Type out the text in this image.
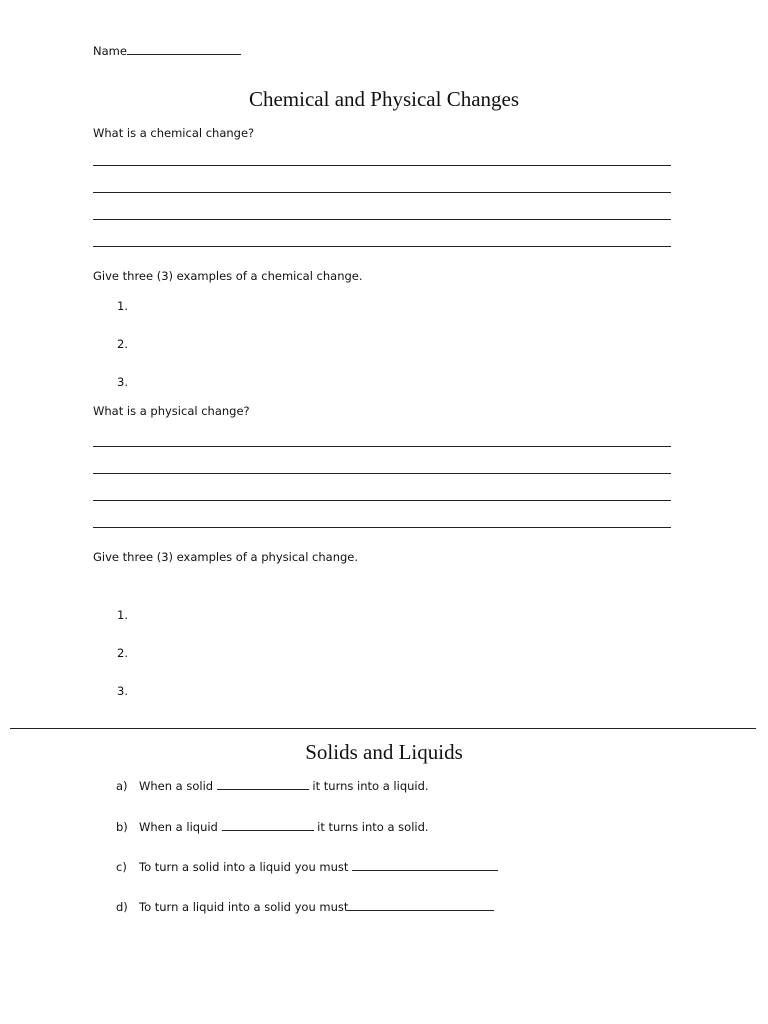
Name
Chemical and Physical Changes
What is a chemical change?
Give three (3) examples of a chemical change.
1.
2.
3.
What is a physical change?
Give three (3) examples of a physical change.
1.
2.
3.
Solids and Liquids
a) When a solid	it turns into a liquid.
b) When a liquid	it turns into a solid.
c) To turn a solid into a liquid you must
d) To turn a liquid into a solid you must
